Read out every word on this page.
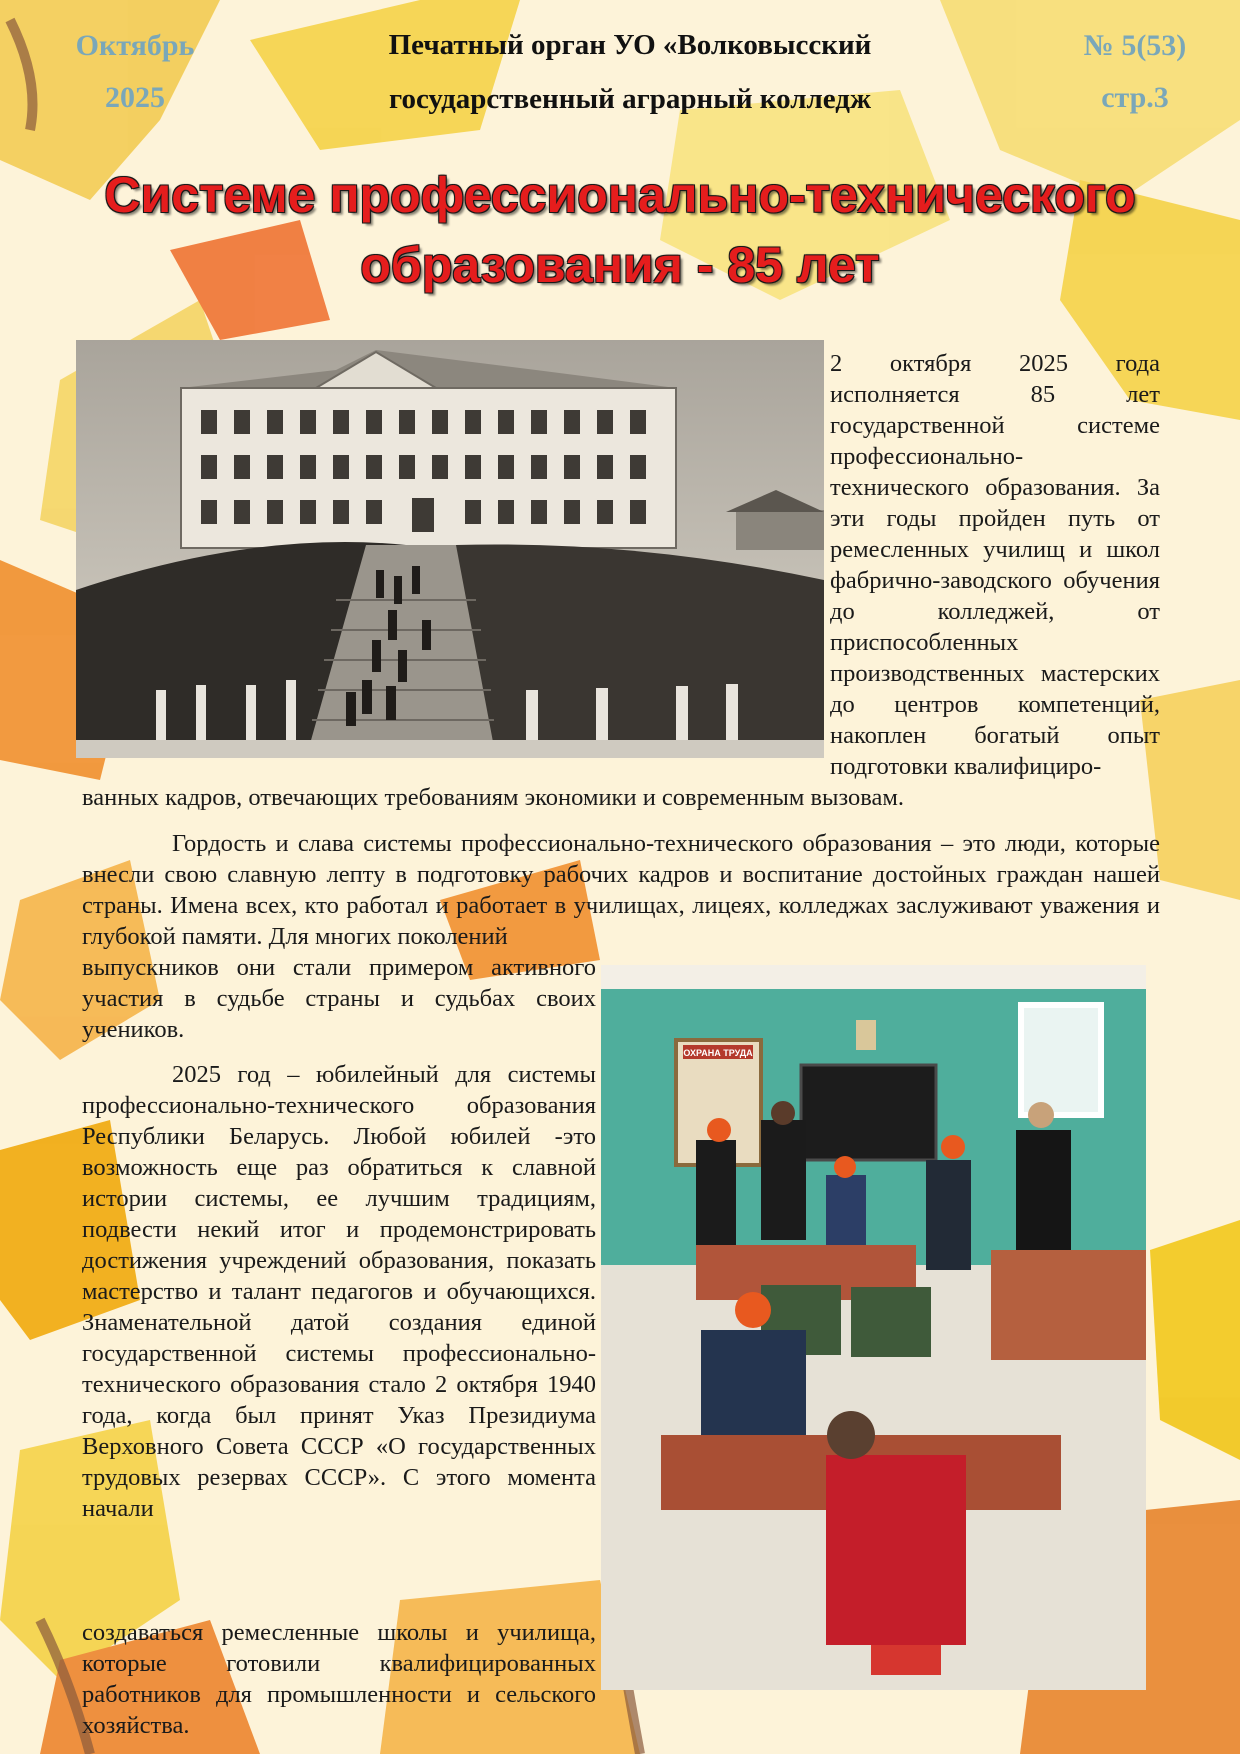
Октябрь
2025
Печатный орган УО «Волковысский
государственный аграрный колледж
№ 5(53)
стр.3
Системе профессионально-технического
образования - 85 лет
ОХРАНА ТРУДА
2 октября 2025 года исполняется 85 лет государственной системе профессионально-технического образования. За эти годы пройден путь от ремесленных училищ и школ фабрично-заводского обучения до колледжей, от приспособленных производственных мастерских до центров компетенций, накоплен богатый опыт подготовки квалифициро-
ванных кадров, отвечающих требованиям экономики и современным вызовам.
Гордость и слава системы профессионально-технического образования – это люди, которые внесли свою славную лепту в подготовку рабочих кадров и воспитание достойных граждан нашей страны. Имена всех, кто работал и работает в училищах, лицеях, колледжах заслуживают уважения и глубокой памяти. Для многих поколений
выпускников они стали примером активного участия в судьбе страны и судьбах своих учеников.
2025 год – юбилейный для системы профессионально-технического образования Республики Беларусь. Любой юбилей -это возможность еще раз обратиться к славной истории системы, ее лучшим традициям, подвести некий итог и продемонстрировать достижения учреждений образования, показать мастерство и талант педагогов и обучающихся. Знаменательной датой создания единой государственной системы профессионально-технического образования стало 2 октября 1940 года, когда был принят Указ Президиума Верховного Совета СССР «О государственных трудовых резервах СССР». С этого момента начали
создаваться ремесленные школы и училища, которые готовили квалифицированных работников для промышленности и сельского хозяйства.
